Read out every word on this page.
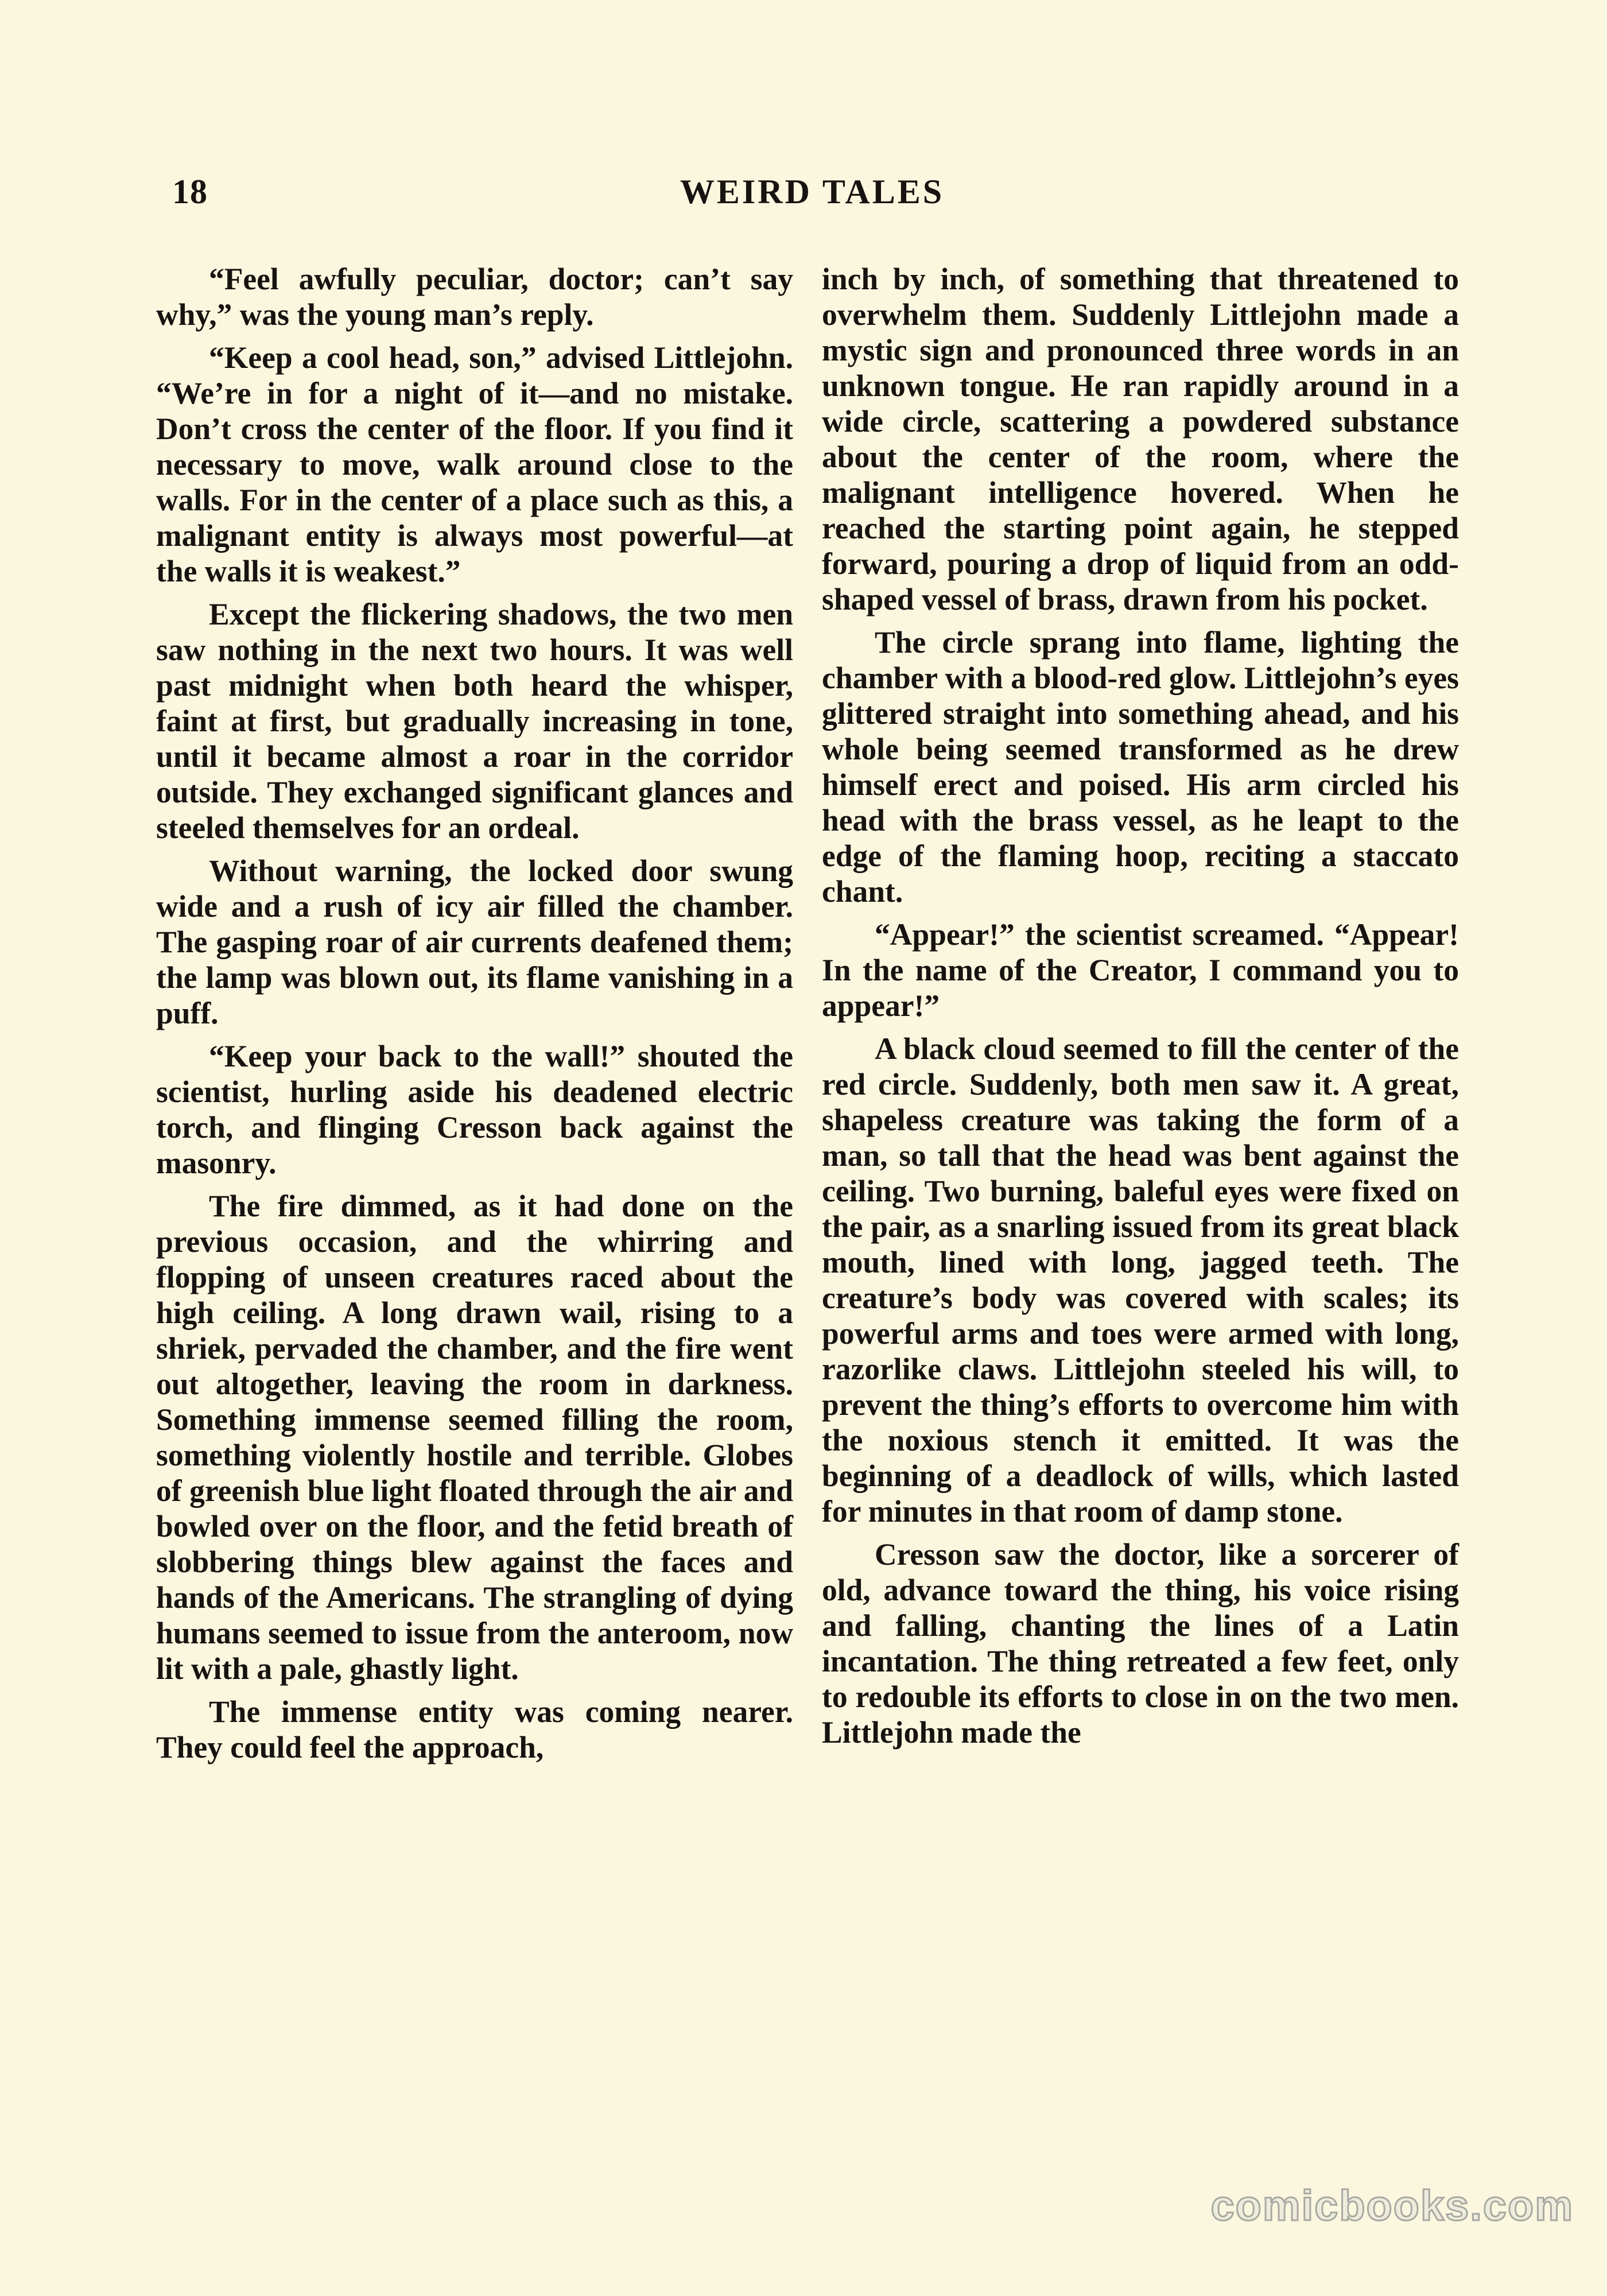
18	WEIRD TALES

“Feel awfully peculiar, doctor; can’t say why,” was the young man’s reply.

“Keep a cool head, son,” advised Littlejohn. “We’re in for a night of it—and no mistake. Don’t cross the center of the floor. If you find it necessary to move, walk around close to the walls. For in the center of a place such as this, a malignant entity is always most powerful—at the walls it is weakest.”

Except the flickering shadows, the two men saw nothing in the next two hours. It was well past midnight when both heard the whisper, faint at first, but gradually increasing in tone, until it became almost a roar in the corridor outside. They exchanged significant glances and steeled themselves for an ordeal.

Without warning, the locked door swung wide and a rush of icy air filled the chamber. The gasping roar of air currents deafened them; the lamp was blown out, its flame vanishing in a puff.

“Keep your back to the wall!” shouted the scientist, hurling aside his deadened electric torch, and flinging Cresson back against the masonry.

The fire dimmed, as it had done on the previous occasion, and the whirring and flopping of unseen creatures raced about the high ceiling. A long drawn wail, rising to a shriek, pervaded the chamber, and the fire went out altogether, leaving the room in darkness. Something immense seemed filling the room, something violently hostile and terrible. Globes of greenish blue light floated through the air and bowled over on the floor, and the fetid breath of slobbering things blew against the faces and hands of the Americans. The strangling of dying humans seemed to issue from the anteroom, now lit with a pale, ghastly light.

The immense entity was coming nearer. They could feel the approach,

inch by inch, of something that threatened to overwhelm them. Suddenly Littlejohn made a mystic sign and pronounced three words in an unknown tongue. He ran rapidly around in a wide circle, scattering a powdered substance about the center of the room, where the malignant intelligence hovered. When he reached the starting point again, he stepped forward, pouring a drop of liquid from an odd-shaped vessel of brass, drawn from his pocket.

The circle sprang into flame, lighting the chamber with a blood-red glow. Littlejohn’s eyes glittered straight into something ahead, and his whole being seemed transformed as he drew himself erect and poised. His arm circled his head with the brass vessel, as he leapt to the edge of the flaming hoop, reciting a staccato chant.

“Appear!” the scientist screamed. “Appear! In the name of the Creator, I command you to appear!”

A black cloud seemed to fill the center of the red circle. Suddenly, both men saw it. A great, shapeless creature was taking the form of a man, so tall that the head was bent against the ceiling. Two burning, baleful eyes were fixed on the pair, as a snarling issued from its great black mouth, lined with long, jagged teeth. The creature’s body was covered with scales; its powerful arms and toes were armed with long, razorlike claws. Littlejohn steeled his will, to prevent the thing’s efforts to overcome him with the noxious stench it emitted. It was the beginning of a deadlock of wills, which lasted for minutes in that room of damp stone.

Cresson saw the doctor, like a sorcerer of old, advance toward the thing, his voice rising and falling, chanting the lines of a Latin incantation. The thing retreated a few feet, only to redouble its efforts to close in on the two men. Littlejohn made the

comicbooks.com
